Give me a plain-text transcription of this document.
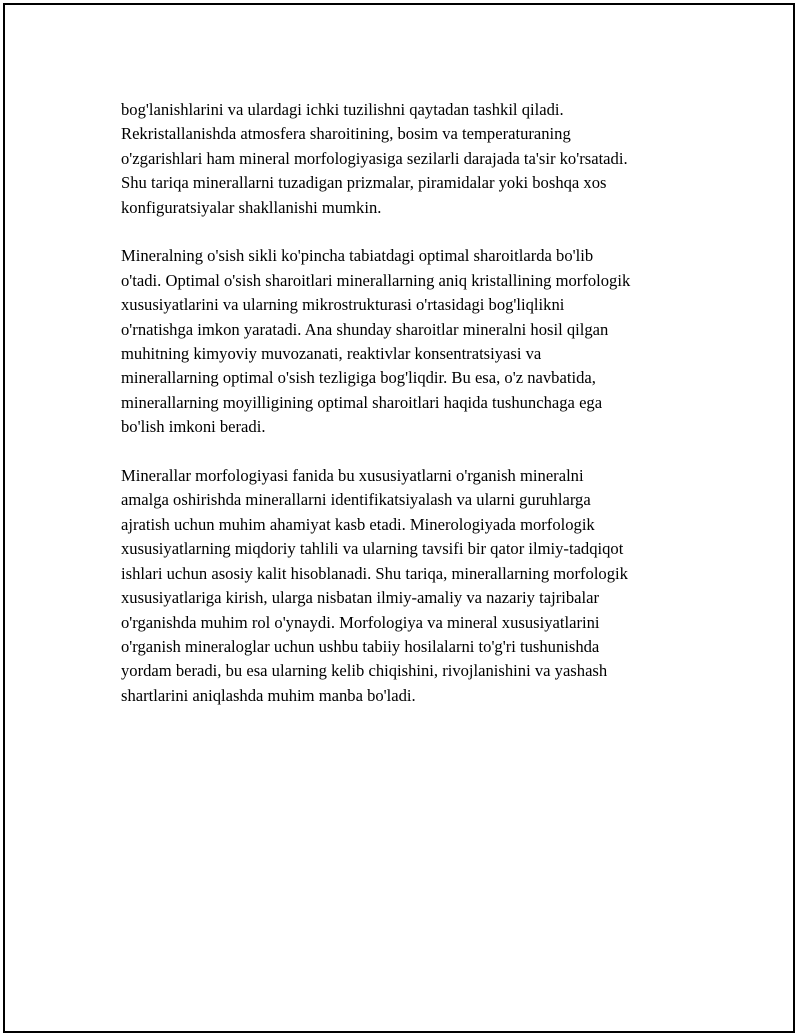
bog'lanishlarini va ulardagi ichki tuzilishni qaytadan tashkil qiladi.
Rekristallanishda atmosfera sharoitining, bosim va temperaturaning
o'zgarishlari ham mineral morfologiyasiga sezilarli darajada ta'sir ko'rsatadi.
Shu tariqa minerallarni tuzadigan prizmalar, piramidalar yoki boshqa xos
konfiguratsiyalar shakllanishi mumkin.

Mineralning o'sish sikli ko'pincha tabiatdagi optimal sharoitlarda bo'lib
o'tadi. Optimal o'sish sharoitlari minerallarning aniq kristallining morfologik
xususiyatlarini va ularning mikrostrukturasi o'rtasidagi bog'liqlikni
o'rnatishga imkon yaratadi. Ana shunday sharoitlar mineralni hosil qilgan
muhitning kimyoviy muvozanati, reaktivlar konsentratsiyasi va
minerallarning optimal o'sish tezligiga bog'liqdir. Bu esa, o'z navbatida,
minerallarning moyilligining optimal sharoitlari haqida tushunchaga ega
bo'lish imkoni beradi.

Minerallar morfologiyasi fanida bu xususiyatlarni o'rganish mineralni
amalga oshirishda minerallarni identifikatsiyalash va ularni guruhlarga
ajratish uchun muhim ahamiyat kasb etadi. Minerologiyada morfologik
xususiyatlarning miqdoriy tahlili va ularning tavsifi bir qator ilmiy-tadqiqot
ishlari uchun asosiy kalit hisoblanadi. Shu tariqa, minerallarning morfologik
xususiyatlariga kirish, ularga nisbatan ilmiy-amaliy va nazariy tajribalar
o'rganishda muhim rol o'ynaydi. Morfologiya va mineral xususiyatlarini
o'rganish mineraloglar uchun ushbu tabiiy hosilalarni to'g'ri tushunishda
yordam beradi, bu esa ularning kelib chiqishini, rivojlanishini va yashash
shartlarini aniqlashda muhim manba bo'ladi.
